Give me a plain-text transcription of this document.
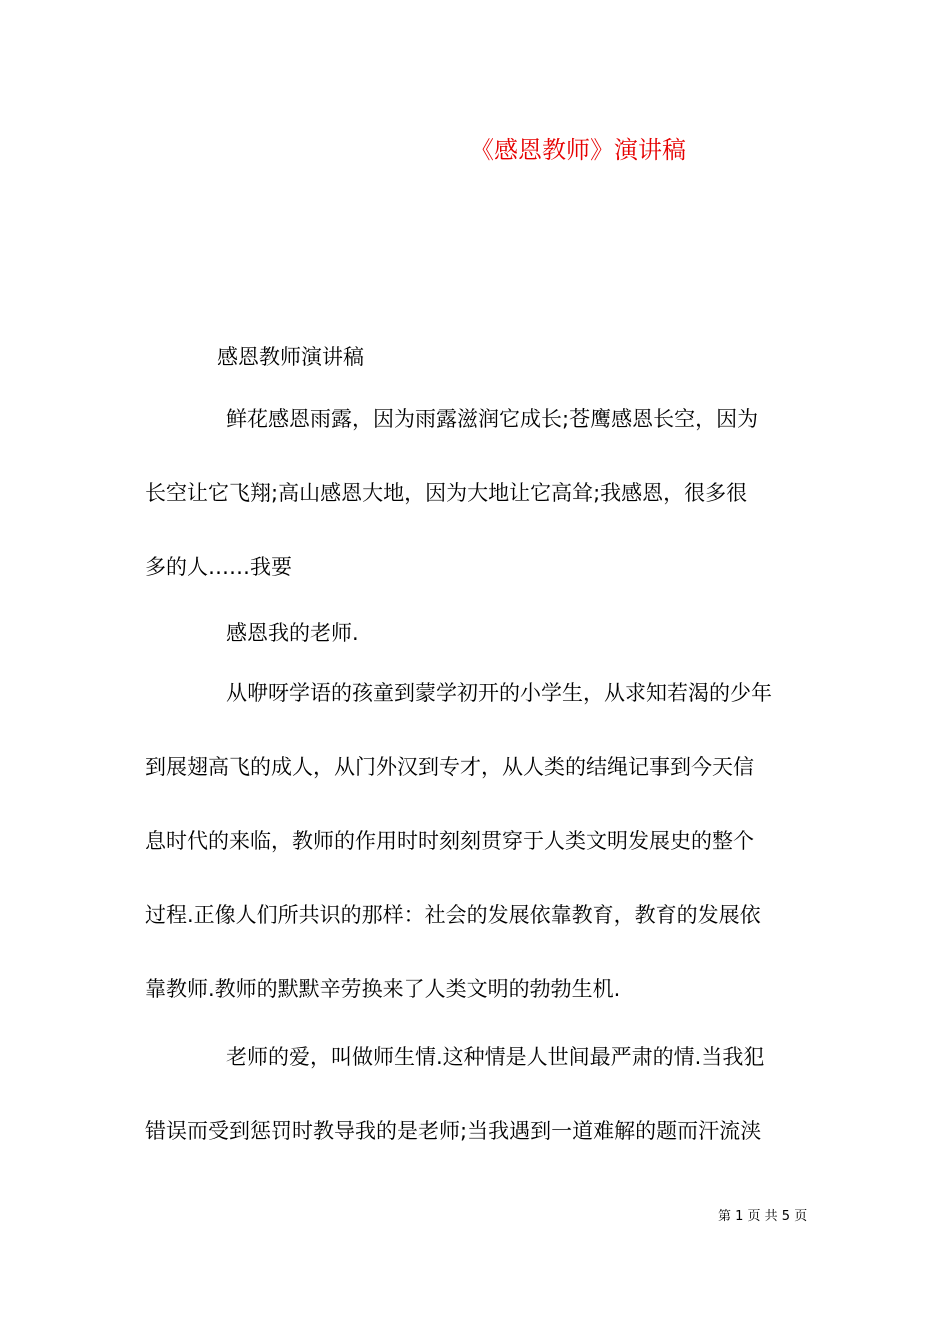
《感恩教师》演讲稿
感恩教师演讲稿
鲜花感恩雨露，因为雨露滋润它成长;苍鹰感恩长空，因为
长空让它飞翔;高山感恩大地，因为大地让它高耸;我感恩，很多很
多的人……我要
感恩我的老师.
从咿呀学语的孩童到蒙学初开的小学生，从求知若渴的少年
到展翅高飞的成人，从门外汉到专才，从人类的结绳记事到今天信
息时代的来临，教师的作用时时刻刻贯穿于人类文明发展史的整个
过程.正像人们所共识的那样：社会的发展依靠教育，教育的发展依
靠教师.教师的默默辛劳换来了人类文明的勃勃生机.
老师的爱，叫做师生情.这种情是人世间最严肃的情.当我犯
错误而受到惩罚时教导我的是老师;当我遇到一道难解的题而汗流浃
第 1 页 共 5 页
